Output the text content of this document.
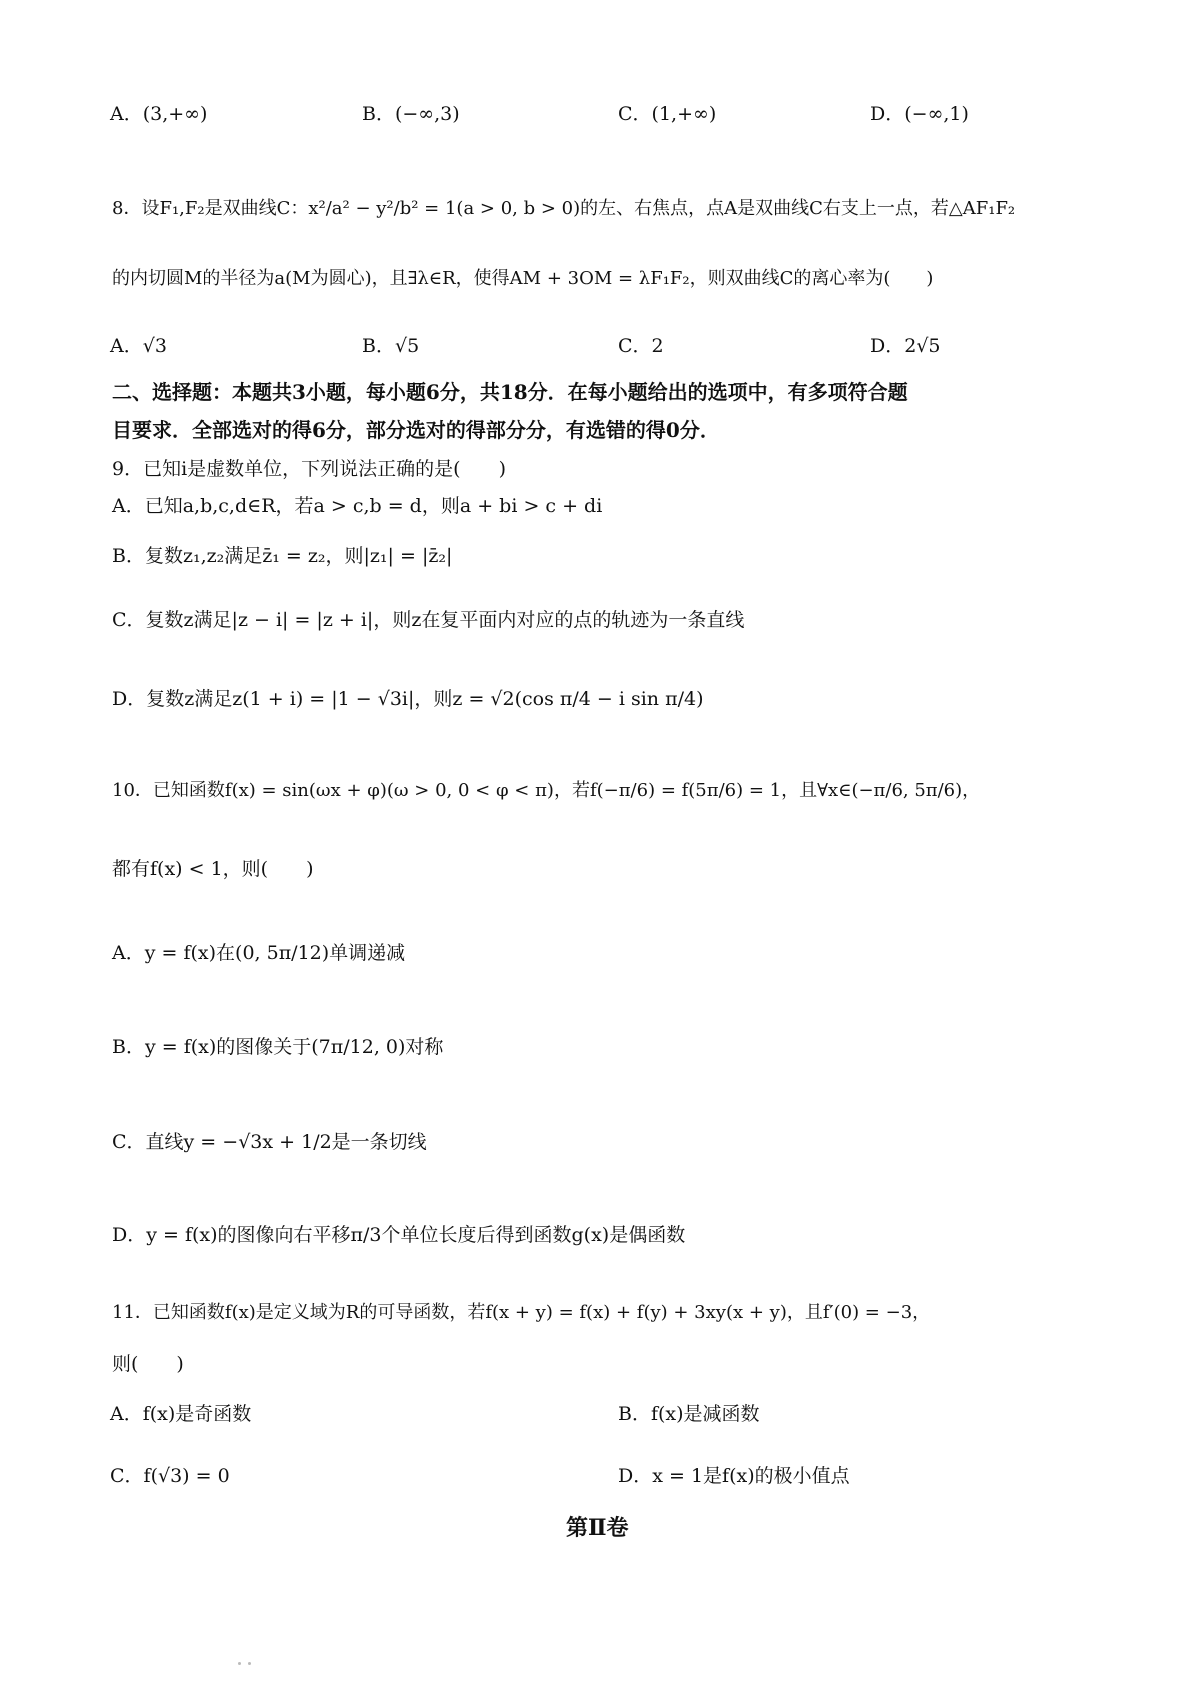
A．(3,+∞)	B．(−∞,3)	C．(1,+∞)	D．(−∞,1)
8．设F₁,F₂是双曲线C：x²/a² − y²/b² = 1(a > 0, b > 0)的左、右焦点，点A是双曲线C右支上一点，若△AF₁F₂
的内切圆M的半径为a(M为圆心)，且∃λ∈R，使得AM + 3OM = λF₁F₂，则双曲线C的离心率为(　　)
A．√3	B．√5	C．2	D．2√5
二、选择题：本题共3小题，每小题6分，共18分．在每小题给出的选项中，有多项符合题
目要求．全部选对的得6分，部分选对的得部分分，有选错的得0分．
9．已知i是虚数单位，下列说法正确的是(　　)
A．已知a,b,c,d∈R，若a > c,b = d，则a + bi > c + di
B．复数z₁,z₂满足z̄₁ = z₂，则|z₁| = |z̄₂|
C．复数z满足|z − i| = |z + i|，则z在复平面内对应的点的轨迹为一条直线
D．复数z满足z(1 + i) = |1 − √3i|，则z = √2(cos π/4 − i sin π/4)
10．已知函数f(x) = sin(ωx + φ)(ω > 0, 0 < φ < π)，若f(−π/6) = f(5π/6) = 1，且∀x∈(−π/6, 5π/6)，
都有f(x) < 1，则(　　)
A．y = f(x)在(0, 5π/12)单调递减
B．y = f(x)的图像关于(7π/12, 0)对称
C．直线y = −√3x + 1/2是一条切线
D．y = f(x)的图像向右平移π/3个单位长度后得到函数g(x)是偶函数
11．已知函数f(x)是定义域为R的可导函数，若f(x + y) = f(x) + f(y) + 3xy(x + y)，且f′(0) = −3，
则(　　)
A．f(x)是奇函数	B．f(x)是减函数
C．f(√3) = 0	D．x = 1是f(x)的极小值点
第Ⅱ卷
